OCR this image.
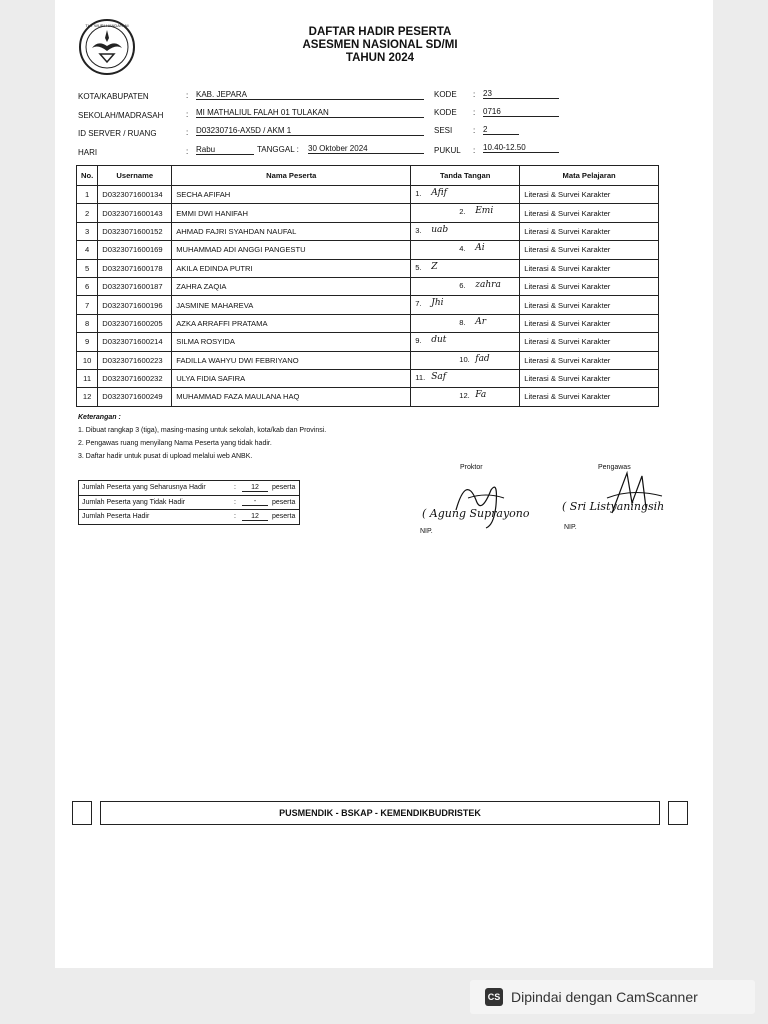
TUT WURI HANDAYANI
DAFTAR HADIR PESERTA
ASESMEN NASIONAL SD/MI
TAHUN 2024
KOTA/KABUPATEN	: KAB. JEPARA	KODE : 23
SEKOLAH/MADRASAH	: MI MATHALIUL FALAH 01 TULAKAN	KODE : 0716
ID SERVER / RUANG	: D03230716-AX5D / AKM 1	SESI	: 2
HARI	: Rabu	TANGGAL : 30 Oktober 2024	PUKUL : 10.40-12.50
No.	Username	Nama Peserta	Tanda Tangan	Mata Pelajaran
1	D0323071600134	SECHA AFIFAH	1. Afif	Literasi & Survei Karakter
2	D0323071600143	EMMI DWI HANIFAH	2. Emi	Literasi & Survei Karakter
3	D0323071600152	AHMAD FAJRI SYAHDAN NAUFAL	3. uab	Literasi & Survei Karakter
4	D0323071600169	MUHAMMAD ADI ANGGI PANGESTU	4. Ai	Literasi & Survei Karakter
5	D0323071600178	AKILA EDINDA PUTRI	5. Z	Literasi & Survei Karakter
6	D0323071600187	ZAHRA ZAQIA	6. zahra	Literasi & Survei Karakter
7	D0323071600196	JASMINE MAHAREVA	7. Jhi	Literasi & Survei Karakter
8	D0323071600205	AZKA ARRAFFI PRATAMA	8. Ar	Literasi & Survei Karakter
9	D0323071600214	SILMA ROSYIDA	9. dut	Literasi & Survei Karakter
10	D0323071600223	FADILLA WAHYU DWI FEBRIYANO	10. fad	Literasi & Survei Karakter
11	D0323071600232	ULYA FIDIA SAFIRA	11. Saf	Literasi & Survei Karakter
12	D0323071600249	MUHAMMAD FAZA MAULANA HAQ	12. Fa	Literasi & Survei Karakter
Keterangan :
1. Dibuat rangkap 3 (tiga), masing-masing untuk sekolah, kota/kab dan Provinsi.
2. Pengawas ruang menyilang Nama Peserta yang tidak hadir.
3. Daftar hadir untuk pusat di upload melalui web ANBK.
Jumlah Peserta yang Seharusnya Hadir	:	12	peserta
Jumlah Peserta yang Tidak Hadir	:	-	peserta
Jumlah Peserta Hadir	:	12	peserta
Proktor
( Agung Suprayono
NIP.
Pengawas
( Sri Listyaningsih
NIP.
PUSMENDIK - BSKAP - KEMENDIKBUDRISTEK
CS Dipindai dengan CamScanner
